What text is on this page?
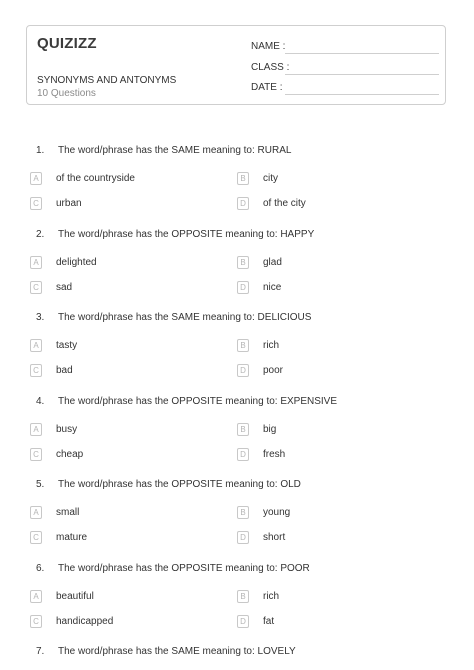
QUIZIZZ
SYNONYMS AND ANTONYMS
10 Questions
NAME :
CLASS :
DATE :
1. The word/phrase has the SAME meaning to: RURAL
A	of the countryside	B	city
C	urban	D	of the city
2. The word/phrase has the OPPOSITE meaning to: HAPPY
A	delighted	B	glad
C	sad	D	nice
3. The word/phrase has the SAME meaning to: DELICIOUS
A	tasty	B	rich
C	bad	D	poor
4. The word/phrase has the OPPOSITE meaning to: EXPENSIVE
A	busy	B	big
C	cheap	D	fresh
5. The word/phrase has the OPPOSITE meaning to: OLD
A	small	B	young
C	mature	D	short
6. The word/phrase has the OPPOSITE meaning to: POOR
A	beautiful	B	rich
C	handicapped	D	fat
7. The word/phrase has the SAME meaning to: LOVELY
